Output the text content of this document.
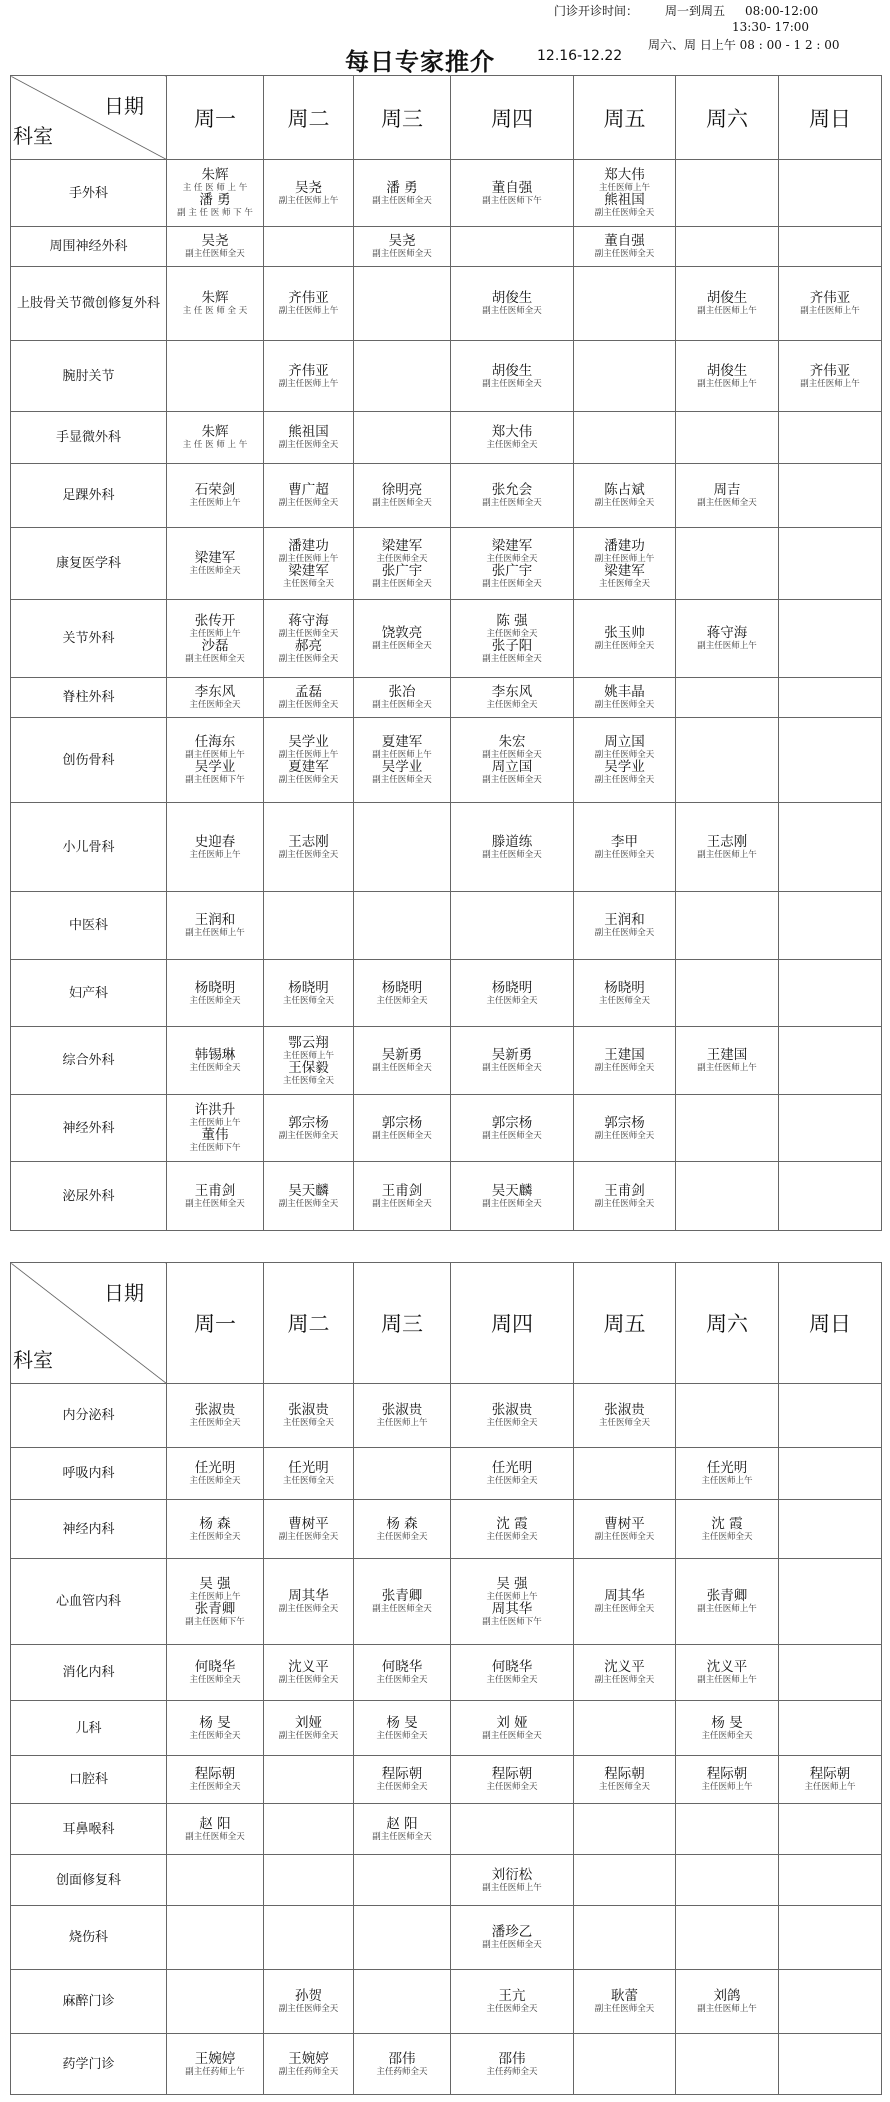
门诊开诊时间： 周一到周五 08:00-12:00
13:30- 17:00
周六、周 日上午 08 : 00 - 1 2 : 00
每日专家推介	12.16-12.22
日期
科室	周一	周二	周三	周四	周五	周六	周日
手外科	朱辉
主 任 医 师 上 午
潘 勇
副 主 任 医 师 下 午	吴尧
副主任医师上午	潘 勇
副主任医师全天	董自强
副主任医师下午	郑大伟
主任医师上午
熊祖国
副主任医师全天		

周围神经外科	吴尧
副主任医师全天		吴尧
副主任医师全天		董自强
副主任医师全天		

上肢骨关节微创修复外科	朱辉
主 任 医 师 全 天	齐伟亚
副主任医师上午		胡俊生
副主任医师全天		胡俊生
副主任医师上午	齐伟亚
副主任医师上午

腕肘关节		齐伟亚
副主任医师上午		胡俊生
副主任医师全天		胡俊生
副主任医师上午	齐伟亚
副主任医师上午

手显微外科	朱辉
主 任 医 师 上 午	熊祖国
副主任医师全天		郑大伟
主任医师全天			

足踝外科	石荣剑
主任医师上午	曹广超
副主任医师全天	徐明亮
副主任医师全天	张允会
副主任医师全天	陈占斌
副主任医师全天	周吉
副主任医师全天	

康复医学科	梁建军
主任医师全天	潘建功
副主任医师上午
梁建军
主任医师全天	梁建军
主任医师全天
张广宇
副主任医师全天	梁建军
主任医师全天
张广宇
副主任医师全天	潘建功
副主任医师上午
梁建军
主任医师全天		

关节外科	张传开
主任医师上午
沙磊
副主任医师全天	蒋守海
副主任医师全天
郝亮
副主任医师全天	饶敦亮
副主任医师全天	陈 强
主任医师全天
张子阳
副主任医师全天	张玉帅
副主任医师全天	蒋守海
副主任医师上午	

脊柱外科	李东风
主任医师全天	孟磊
副主任医师全天	张冶
副主任医师全天	李东风
主任医师全天	姚丰晶
副主任医师全天		

创伤骨科	任海东
副主任医师上午
吴学业
副主任医师下午	吴学业
副主任医师上午
夏建军
副主任医师全天	夏建军
副主任医师上午
吴学业
副主任医师全天	朱宏
副主任医师全天
周立国
副主任医师全天	周立国
副主任医师全天
吴学业
副主任医师全天		

小儿骨科	史迎春
主任医师上午	王志刚
副主任医师全天		滕道练
副主任医师全天	李甲
副主任医师全天	王志刚
副主任医师上午	

中医科	王润和
副主任医师上午				王润和
副主任医师全天		

妇产科	杨晓明
主任医师全天	杨晓明
主任医师全天	杨晓明
主任医师全天	杨晓明
主任医师全天	杨晓明
主任医师全天		

综合外科	韩锡琳
主任医师全天	鄂云翔
主任医师上午
王保毅
主任医师全天	吴新勇
副主任医师全天	吴新勇
副主任医师全天	王建国
副主任医师全天	王建国
副主任医师上午	

神经外科	许洪升
主任医师上午
董伟
主任医师下午	郭宗杨
副主任医师全天	郭宗杨
副主任医师全天	郭宗杨
副主任医师全天	郭宗杨
副主任医师全天		

泌尿外科	王甫剑
副主任医师全天	吴天麟
副主任医师全天	王甫剑
副主任医师全天	吴天麟
副主任医师全天	王甫剑
副主任医师全天		

日期
科室	周一	周二	周三	周四	周五	周六	周日
内分泌科	张淑贵
主任医师全天	张淑贵
主任医师全天	张淑贵
主任医师上午	张淑贵
主任医师全天	张淑贵
主任医师全天		

呼吸内科	任光明
主任医师全天	任光明
主任医师全天		任光明
主任医师全天		任光明
主任医师上午	

神经内科	杨 森
主任医师全天	曹树平
副主任医师全天	杨 森
主任医师全天	沈 霞
主任医师全天	曹树平
副主任医师全天	沈 霞
主任医师全天	

心血管内科	吴 强
主任医师上午
张青卿
副主任医师下午	周其华
副主任医师全天	张青卿
副主任医师全天	吴 强
主任医师上午
周其华
副主任医师下午	周其华
副主任医师全天	张青卿
副主任医师上午	

消化内科	何晓华
主任医师全天	沈义平
副主任医师全天	何晓华
主任医师全天	何晓华
主任医师全天	沈义平
副主任医师全天	沈义平
副主任医师上午	

儿科	杨 旻
主任医师全天	刘娅
副主任医师全天	杨 旻
主任医师全天	刘 娅
副主任医师全天		杨 旻
主任医师全天	

口腔科	程际朝
主任医师全天		程际朝
主任医师全天	程际朝
主任医师全天	程际朝
主任医师全天	程际朝
主任医师上午	程际朝
主任医师上午

耳鼻喉科	赵 阳
副主任医师全天		赵 阳
副主任医师全天				

创面修复科				刘衍松
副主任医师上午			

烧伤科				潘珍乙
副主任医师全天			

麻醉门诊		孙贺
副主任医师全天		王亢
主任医师全天	耿蕾
副主任医师全天	刘鸽
副主任医师上午	

药学门诊	王婉婷
副主任药师上午	王婉婷
副主任药师全天	邵伟
主任药师全天	邵伟
主任药师全天			
